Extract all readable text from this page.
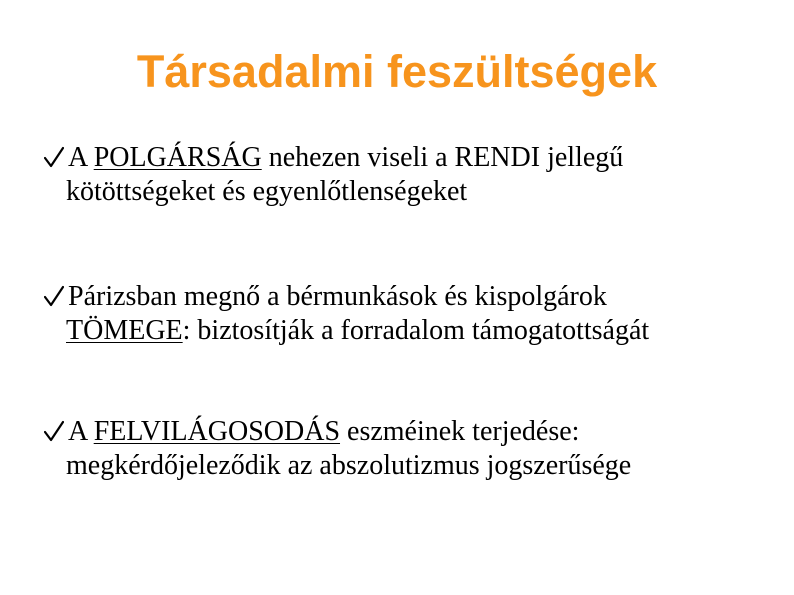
Társadalmi feszültségek
A POLGÁRSÁG nehezen viseli a RENDI jellegű
kötöttségeket és egyenlőtlenségeket
Párizsban megnő a bérmunkások és kispolgárok
TÖMEGE: biztosítják a forradalom támogatottságát
A FELVILÁGOSODÁS eszméinek terjedése:
megkérdőjeleződik az abszolutizmus jogszerűsége
